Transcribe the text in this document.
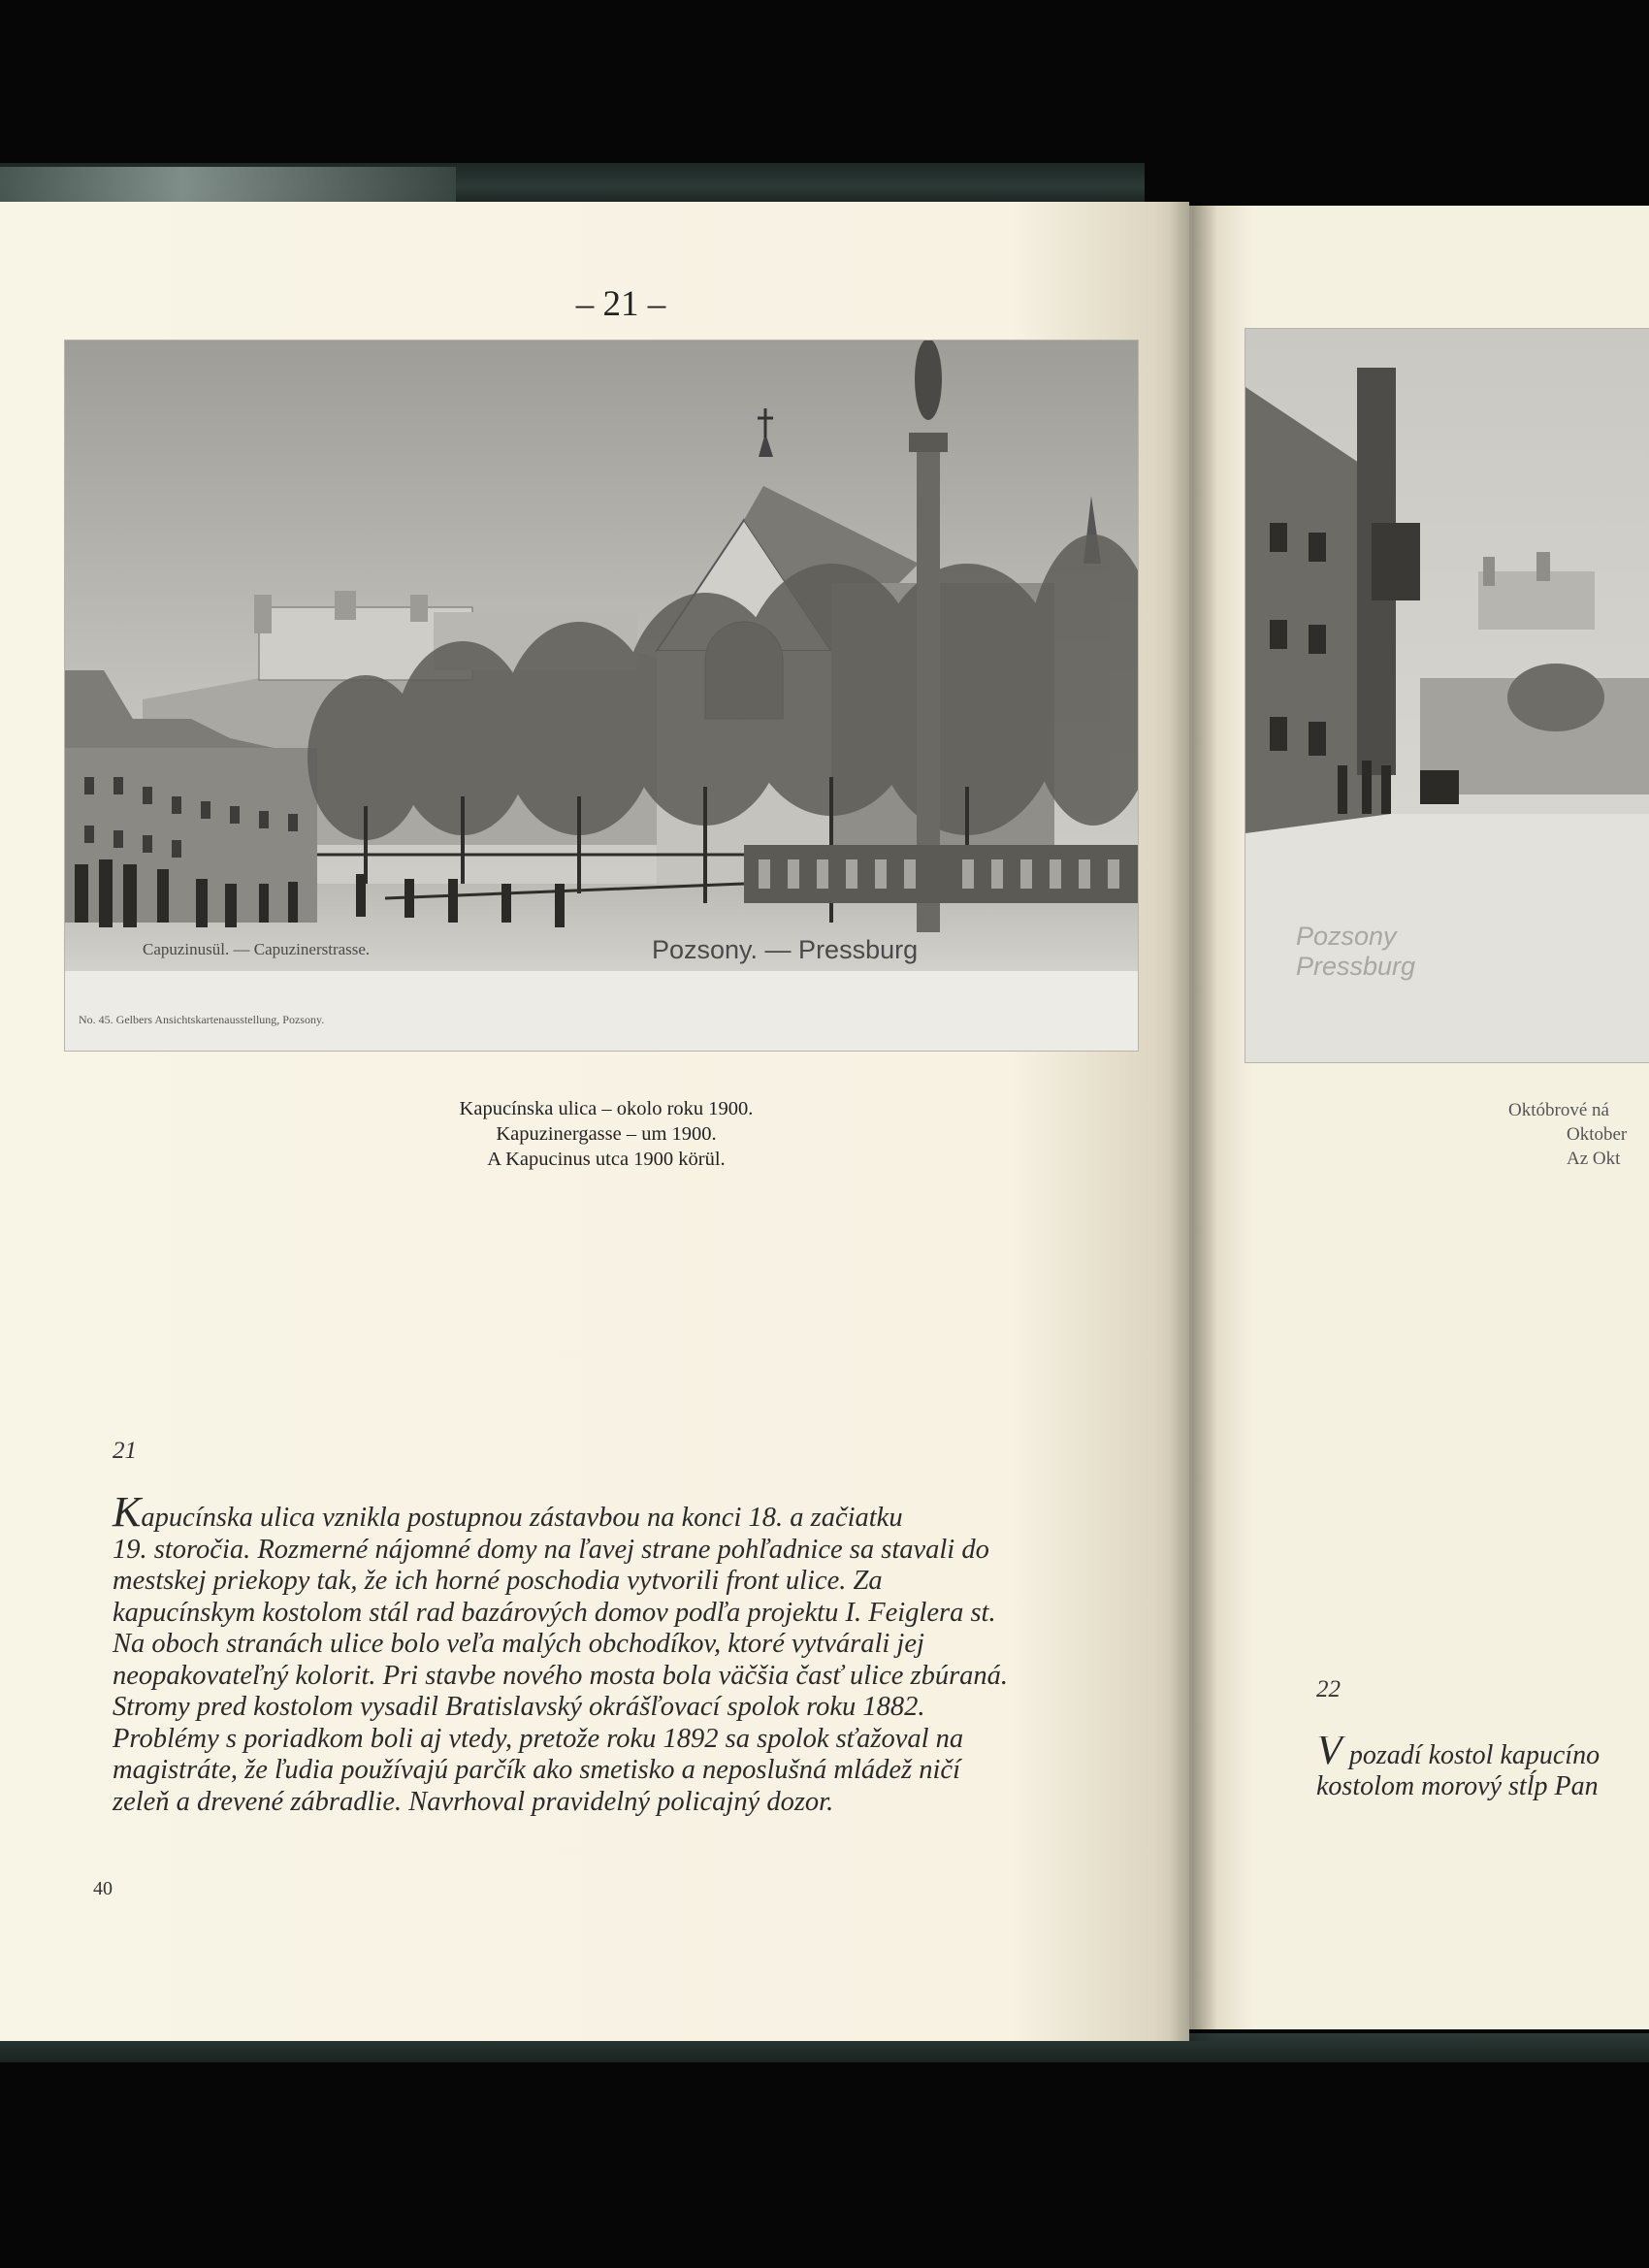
– 21 –
Capuzinusül. — Capuzinerstrasse.	Pozsony. — Pressburg
No. 45. Gelbers Ansichtskartenausstellung, Pozsony.
Pozsony
Pressburg
Kapucínska ulica – okolo roku 1900.
Kapuzinergasse – um 1900.
A Kapucinus utca 1900 körül.
Októbrové ná
Oktober
Az Okt
21
Kapucínska ulica vznikla postupnou zástavbou na konci 18. a začiatku
19. storočia. Rozmerné nájomné domy na ľavej strane pohľadnice sa stavali do
mestskej priekopy tak, že ich horné poschodia vytvorili front ulice. Za
kapucínskym kostolom stál rad bazárových domov podľa projektu I. Feiglera st.
Na oboch stranách ulice bolo veľa malých obchodíkov, ktoré vytvárali jej
neopakovateľný kolorit. Pri stavbe nového mosta bola väčšia časť ulice zbúraná.
Stromy pred kostolom vysadil Bratislavský okrášľovací spolok roku 1882.
Problémy s poriadkom boli aj vtedy, pretože roku 1892 sa spolok sťažoval na
magistráte, že ľudia používajú parčík ako smetisko a neposlušná mládež ničí
zeleň a drevené zábradlie. Navrhoval pravidelný policajný dozor.
40
22
V pozadí kostol kapucíno
kostolom morový stĺp Pan
